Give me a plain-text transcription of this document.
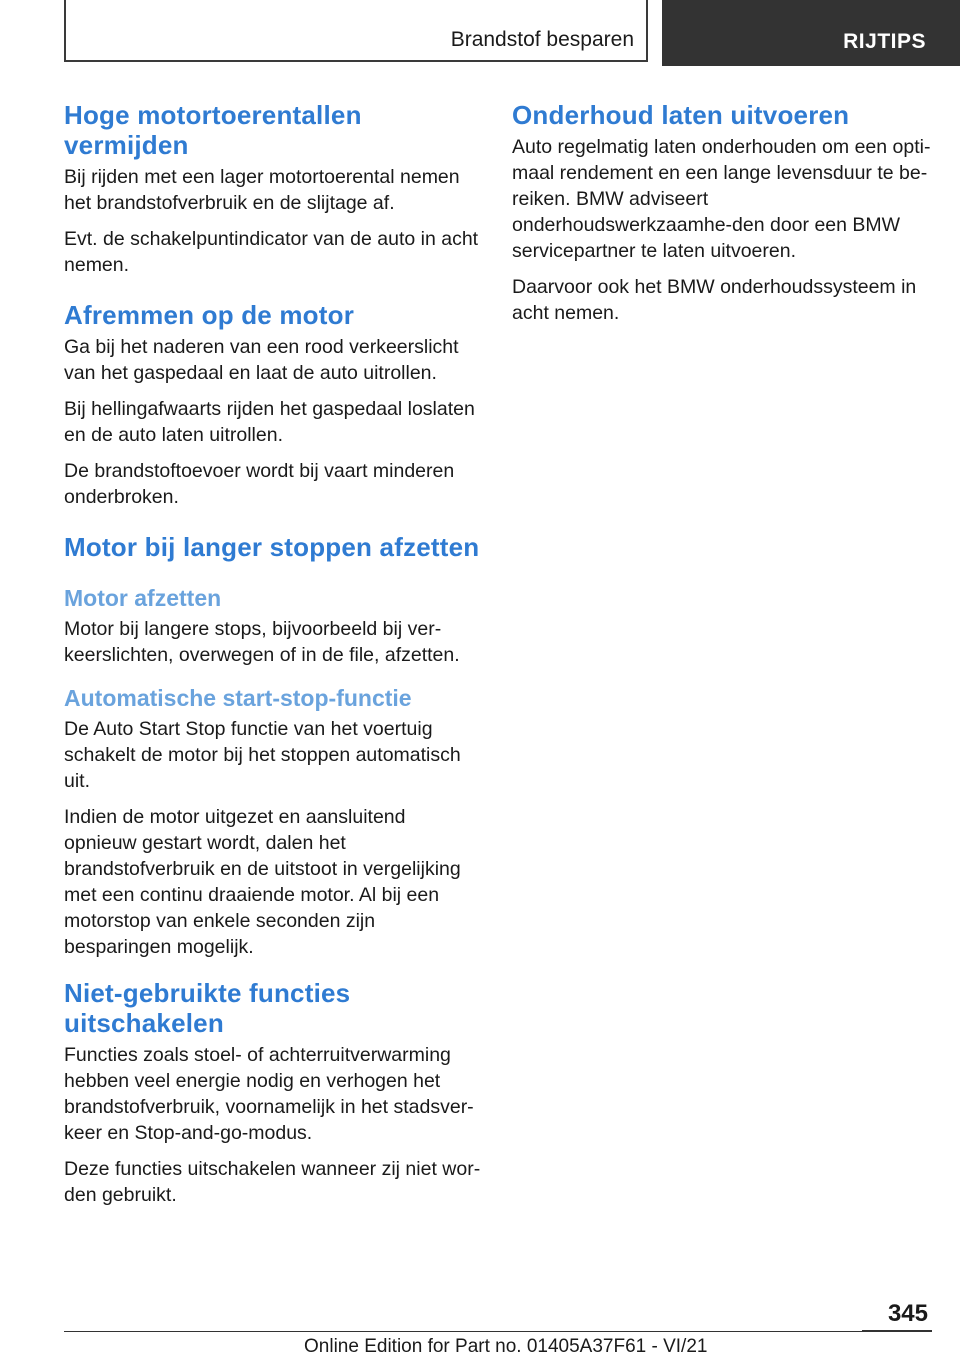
Brandstof besparen	RIJTIPS
Hoge motortoerentallen vermijden

Bij rijden met een lager motortoerental nemen het brandstofverbruik en de slijtage af.

Evt. de schakelpuntindicator van de auto in acht nemen.

Afremmen op de motor

Ga bij het naderen van een rood verkeerslicht van het gaspedaal en laat de auto uitrollen.

Bij hellingafwaarts rijden het gaspedaal loslaten en de auto laten uitrollen.

De brandstoftoevoer wordt bij vaart minderen onderbroken.

Motor bij langer stoppen afzetten
Motor afzetten

Motor bij langere stops, bijvoorbeeld bij ver-keerslichten, overwegen of in de file, afzetten.

Automatische start-stop-functie

De Auto Start Stop functie van het voertuig schakelt de motor bij het stoppen automatisch uit.

Indien de motor uitgezet en aansluitend opnieuw gestart wordt, dalen het brandstofverbruik en de uitstoot in vergelijking met een continu draaiende motor. Al bij een motorstop van enkele seconden zijn besparingen mogelijk.

Niet-gebruikte functies uitschakelen

Functies zoals stoel- of achterruitverwarming hebben veel energie nodig en verhogen het brandstofverbruik, voornamelijk in het stadsver-keer en Stop-and-go-modus.

Deze functies uitschakelen wanneer zij niet wor-den gebruikt.

Onderhoud laten uitvoeren

Auto regelmatig laten onderhouden om een opti-maal rendement en een lange levensduur te be-reiken. BMW adviseert onderhoudswerkzaamhe-den door een BMW servicepartner te laten uitvoeren.

Daarvoor ook het BMW onderhoudssysteem in acht nemen.

345
Online Edition for Part no. 01405A37F61 - VI/21
